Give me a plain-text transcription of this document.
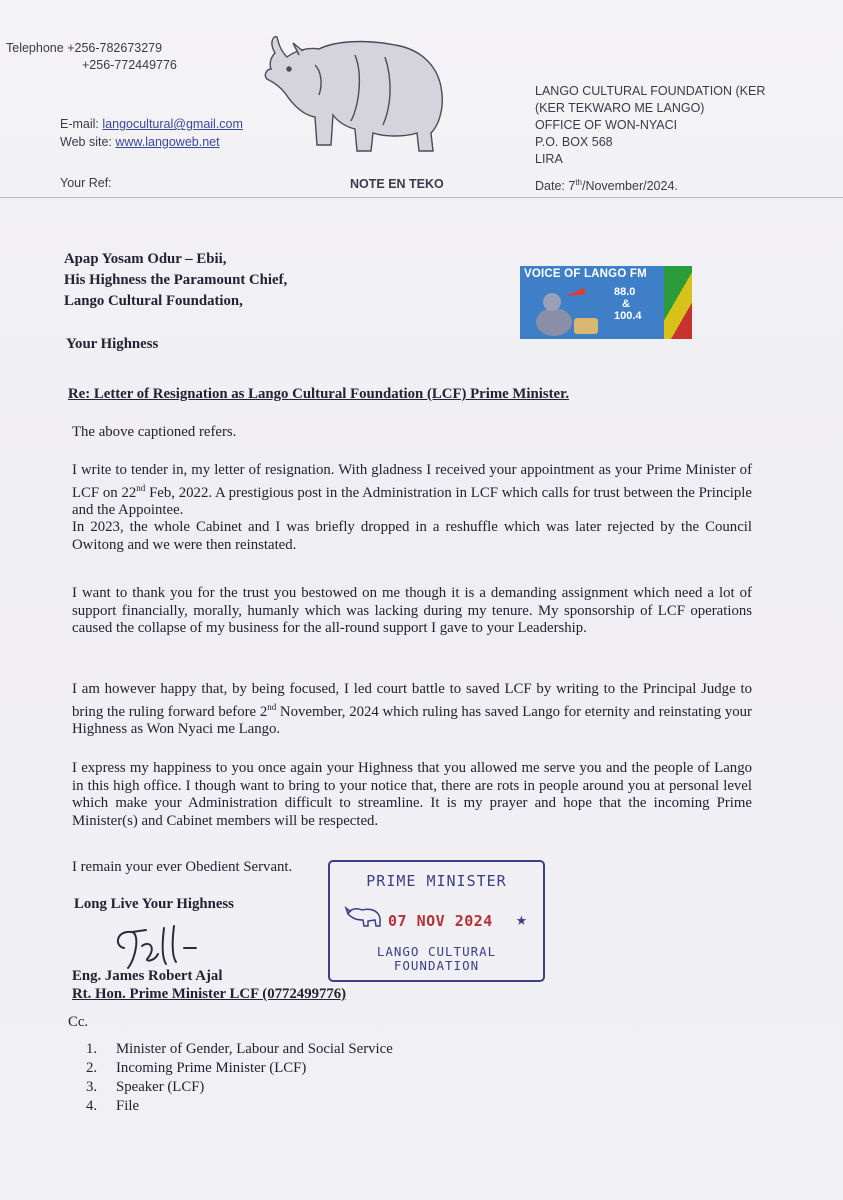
Telephone +256-782673279
+256-772449776
E-mail: langocultural@gmail.com
Web site: www.langoweb.net
Your Ref:	NOTE EN TEKO
LANGO CULTURAL FOUNDATION (KER
(KER TEKWARO ME LANGO)
OFFICE OF WON-NYACI
P.O. BOX 568
LIRA
Date: 7th/November/2024.
Apap Yosam Odur – Ebii,
His Highness the Paramount Chief,
Lango Cultural Foundation,
VOICE OF LANGO FM
88.0
&
100.4
Your Highness
Re: Letter of Resignation as Lango Cultural Foundation (LCF) Prime Minister.
The above captioned refers.
I write to tender in, my letter of resignation. With gladness I received your appointment as your Prime Minister of LCF on 22nd Feb, 2022. A prestigious post in the Administration in LCF which calls for trust between the Principle and the Appointee.
In 2023, the whole Cabinet and I was briefly dropped in a reshuffle which was later rejected by the Council Owitong and we were then reinstated.
I want to thank you for the trust you bestowed on me though it is a demanding assignment which need a lot of support financially, morally, humanly which was lacking during my tenure. My sponsorship of LCF operations caused the collapse of my business for the all-round support I gave to your Leadership.
I am however happy that, by being focused, I led court battle to saved LCF by writing to the Principal Judge to bring the ruling forward before 2nd November, 2024 which ruling has saved Lango for eternity and reinstating your Highness as Won Nyaci me Lango.
I express my happiness to you once again your Highness that you allowed me serve you and the people of Lango in this high office. I though want to bring to your notice that, there are rots in people around you at personal level which make your Administration difficult to streamline. It is my prayer and hope that the incoming Prime Minister(s) and Cabinet members will be respected.
I remain your ever Obedient Servant.
Long Live Your Highness
Eng. James Robert Ajal
Rt. Hon. Prime Minister LCF (0772499776)
PRIME MINISTER
07 NOV 2024 ★
LANGO CULTURAL
FOUNDATION
Cc.
1. Minister of Gender, Labour and Social Service
2. Incoming Prime Minister (LCF)
3. Speaker (LCF)
4. File
